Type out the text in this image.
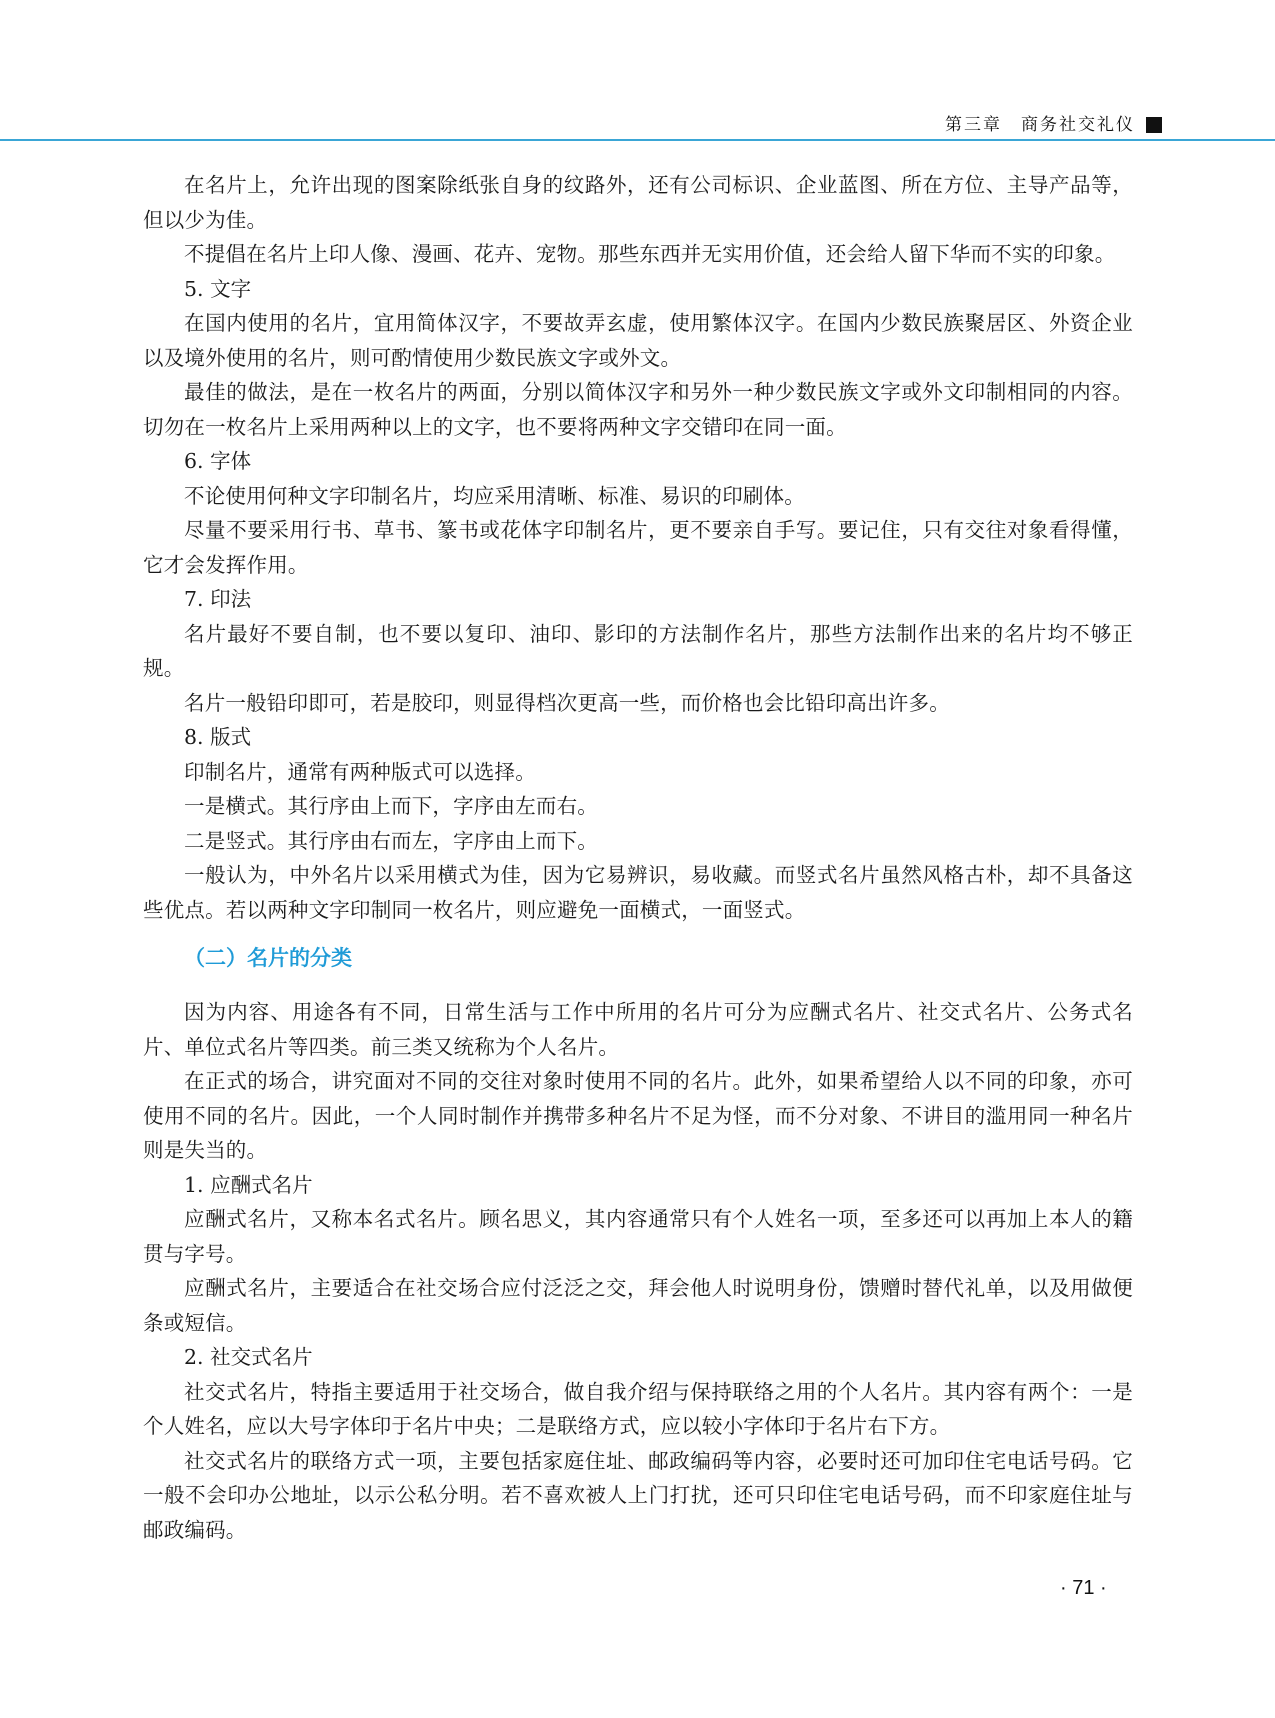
第三章　商务社交礼仪

在名片上，允许出现的图案除纸张自身的纹路外，还有公司标识、企业蓝图、所在方位、主导产品等，但以少为佳。

不提倡在名片上印人像、漫画、花卉、宠物。那些东西并无实用价值，还会给人留下华而不实的印象。

5. 文字

在国内使用的名片，宜用简体汉字，不要故弄玄虚，使用繁体汉字。在国内少数民族聚居区、外资企业以及境外使用的名片，则可酌情使用少数民族文字或外文。

最佳的做法，是在一枚名片的两面，分别以简体汉字和另外一种少数民族文字或外文印制相同的内容。切勿在一枚名片上采用两种以上的文字，也不要将两种文字交错印在同一面。

6. 字体

不论使用何种文字印制名片，均应采用清晰、标准、易识的印刷体。

尽量不要采用行书、草书、篆书或花体字印制名片，更不要亲自手写。要记住，只有交往对象看得懂，它才会发挥作用。

7. 印法

名片最好不要自制，也不要以复印、油印、影印的方法制作名片，那些方法制作出来的名片均不够正规。

名片一般铅印即可，若是胶印，则显得档次更高一些，而价格也会比铅印高出许多。

8. 版式

印制名片，通常有两种版式可以选择。

一是横式。其行序由上而下，字序由左而右。

二是竖式。其行序由右而左，字序由上而下。

一般认为，中外名片以采用横式为佳，因为它易辨识，易收藏。而竖式名片虽然风格古朴，却不具备这些优点。若以两种文字印制同一枚名片，则应避免一面横式，一面竖式。

（二）名片的分类

因为内容、用途各有不同，日常生活与工作中所用的名片可分为应酬式名片、社交式名片、公务式名片、单位式名片等四类。前三类又统称为个人名片。

在正式的场合，讲究面对不同的交往对象时使用不同的名片。此外，如果希望给人以不同的印象，亦可使用不同的名片。因此，一个人同时制作并携带多种名片不足为怪，而不分对象、不讲目的滥用同一种名片则是失当的。

1. 应酬式名片

应酬式名片，又称本名式名片。顾名思义，其内容通常只有个人姓名一项，至多还可以再加上本人的籍贯与字号。

应酬式名片，主要适合在社交场合应付泛泛之交，拜会他人时说明身份，馈赠时替代礼单，以及用做便条或短信。

2. 社交式名片

社交式名片，特指主要适用于社交场合，做自我介绍与保持联络之用的个人名片。其内容有两个：一是个人姓名，应以大号字体印于名片中央；二是联络方式，应以较小字体印于名片右下方。

社交式名片的联络方式一项，主要包括家庭住址、邮政编码等内容，必要时还可加印住宅电话号码。它一般不会印办公地址，以示公私分明。若不喜欢被人上门打扰，还可只印住宅电话号码，而不印家庭住址与邮政编码。

· 71 ·
